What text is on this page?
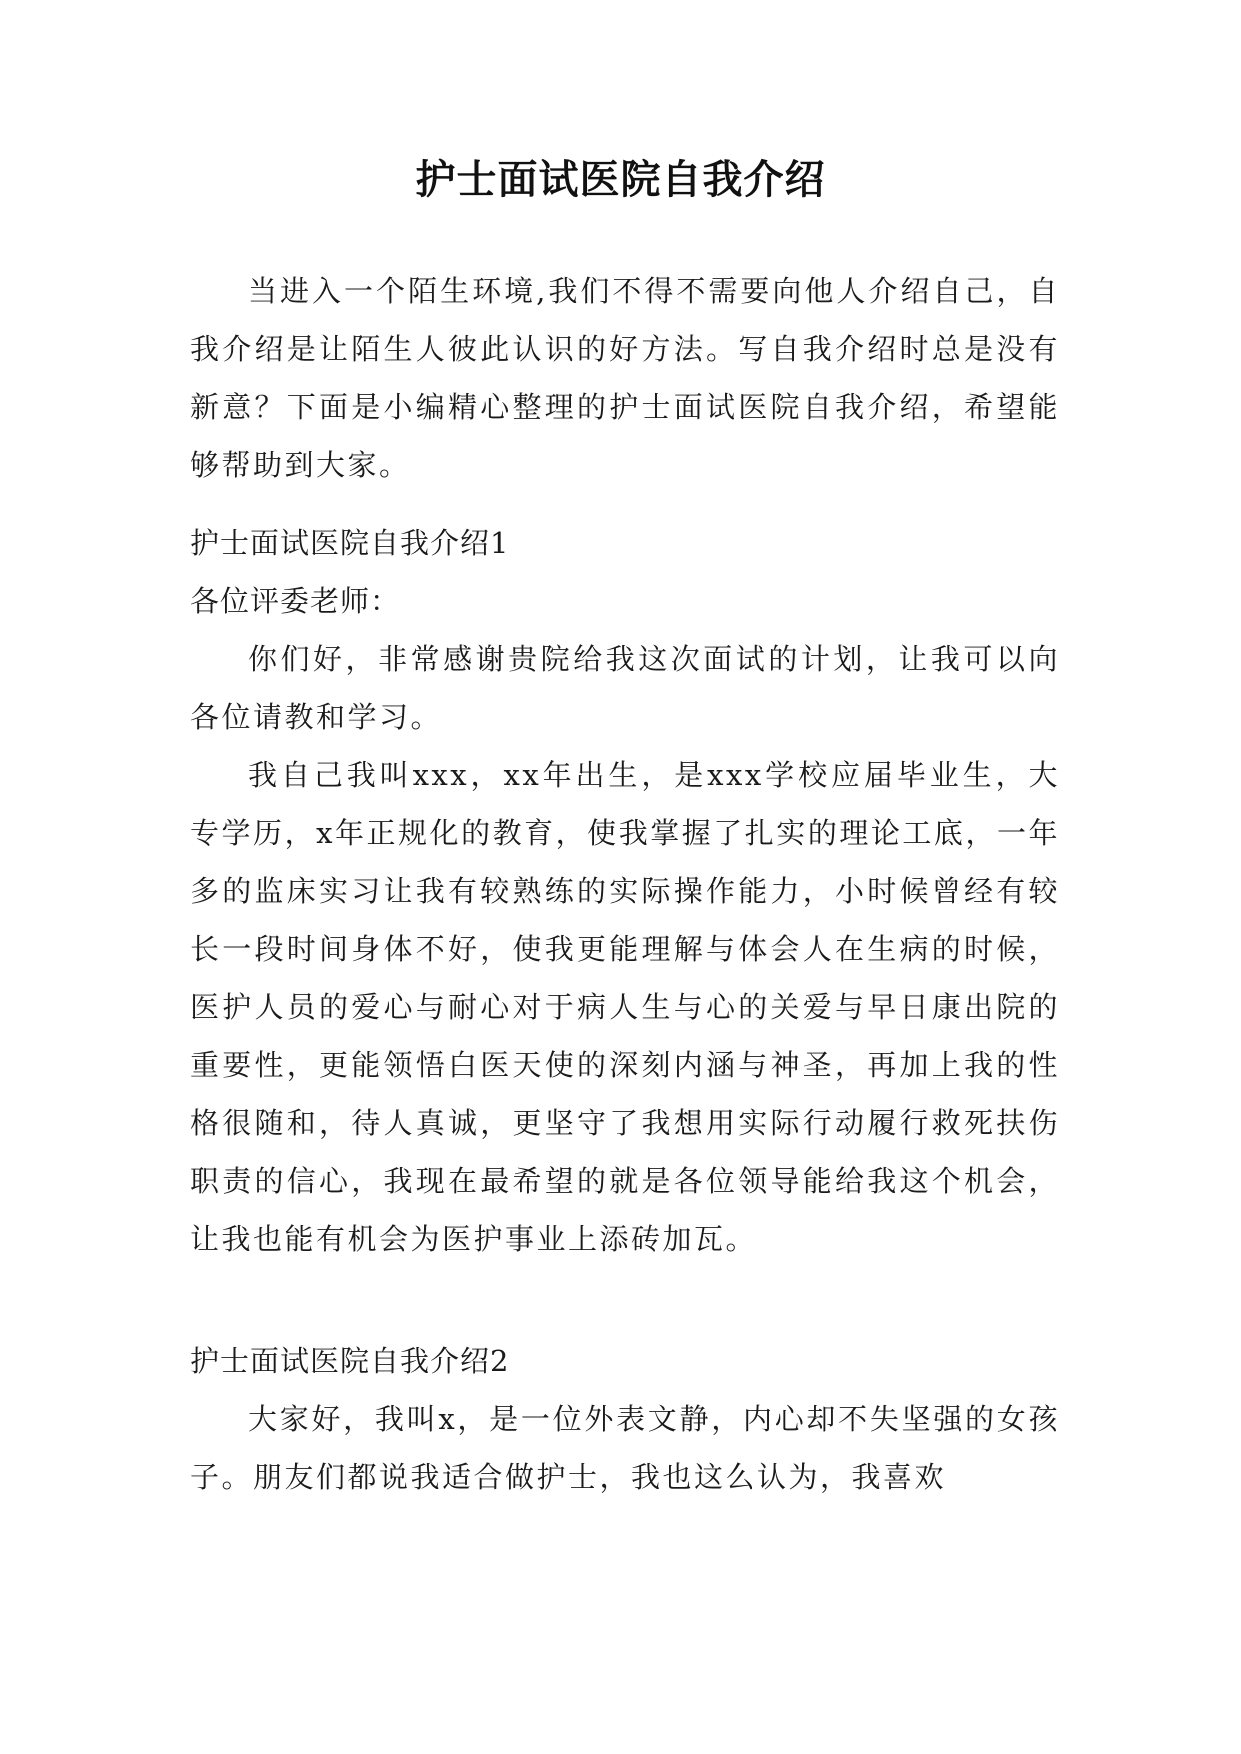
护士面试医院自我介绍

当进入一个陌生环境,我们不得不需要向他人介绍自己，自我介绍是让陌生人彼此认识的好方法。写自我介绍时总是没有新意？下面是小编精心整理的护士面试医院自我介绍，希望能够帮助到大家。

护士面试医院自我介绍1

各位评委老师：

你们好，非常感谢贵院给我这次面试的计划，让我可以向各位请教和学习。

我自己我叫xxx，xx年出生，是xxx学校应届毕业生，大专学历，x年正规化的教育，使我掌握了扎实的理论工底，一年多的监床实习让我有较熟练的实际操作能力，小时候曾经有较长一段时间身体不好，使我更能理解与体会人在生病的时候，医护人员的爱心与耐心对于病人生与心的关爱与早日康出院的重要性，更能领悟白医天使的深刻内涵与神圣，再加上我的性格很随和，待人真诚，更坚守了我想用实际行动履行救死扶伤职责的信心，我现在最希望的就是各位领导能给我这个机会，让我也能有机会为医护事业上添砖加瓦。

护士面试医院自我介绍2

大家好，我叫x，是一位外表文静，内心却不失坚强的女孩子。朋友们都说我适合做护士，我也这么认为，我喜欢
